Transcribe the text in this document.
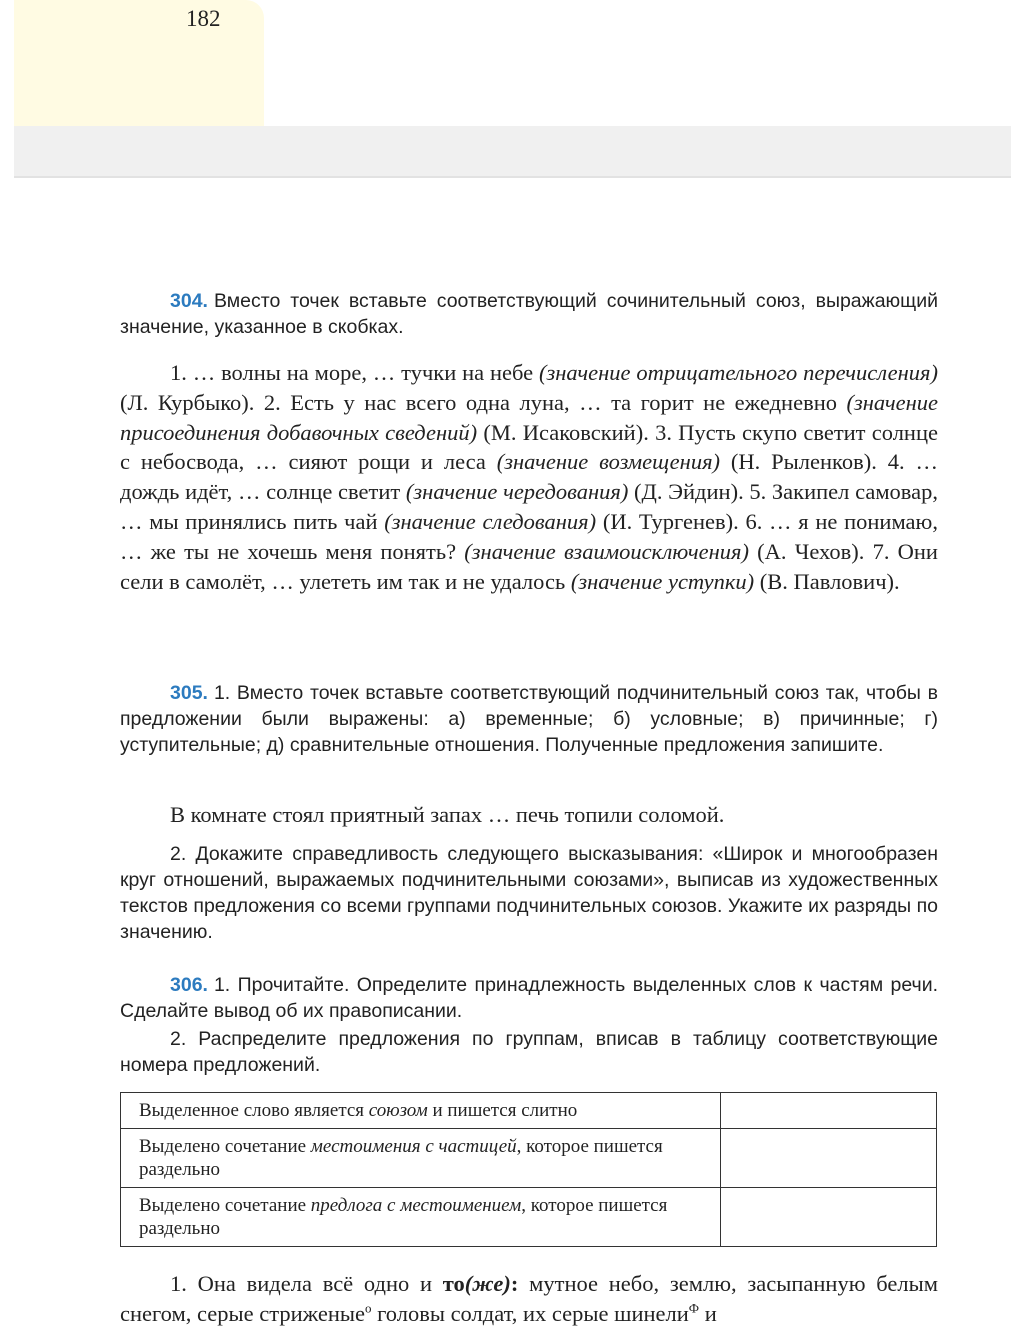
182

304. Вместо точек вставьте соответствующий сочинительный союз, выражающий значение, указанное в скобках.

1. … волны на море, … тучки на небе (значение отрицательного перечисления) (Л. Курбыко). 2. Есть у нас всего одна луна, … та горит не ежедневно (значение присоединения добавочных сведений) (М. Исаковский). 3. Пусть скупо светит солнце с небосвода, … сияют рощи и леса (значение возмещения) (Н. Рыленков). 4. … дождь идёт, … солнце светит (значение чередования) (Д. Эйдин). 5. Закипел самовар, … мы принялись пить чай (значение следования) (И. Тургенев). 6. … я не понимаю, … же ты не хочешь меня понять? (значение взаимоисключения) (А. Чехов). 7. Они сели в самолёт, … улететь им так и не удалось (значение уступки) (В. Павлович).

305. 1. Вместо точек вставьте соответствующий подчинительный союз так, чтобы в предложении были выражены: а) временные; б) условные; в) причинные; г) уступительные; д) сравнительные отношения. Полученные предложения запишите.

В комнате стоял приятный запах … печь топили соломой.

2. Докажите справедливость следующего высказывания: «Широк и многообразен круг отношений, выражаемых подчинительными союзами», выписав из художественных текстов предложения со всеми группами подчинительных союзов. Укажите их разряды по значению.

306. 1. Прочитайте. Определите принадлежность выделенных слов к частям речи. Сделайте вывод об их правописании.

2. Распределите предложения по группам, вписав в таблицу соответствующие номера предложений.

Выделенное слово является союзом и пишется слитно	
Выделено сочетание местоимения с частицей, которое пишется раздельно	
Выделено сочетание предлога с местоимением, которое пишется раздельно	

1. Она видела всё одно и то(же): мутное небо, землю, засыпанную белым снегом, серые стриженые$^о$ головы солдат, их серые шинели$^Ф$ и
